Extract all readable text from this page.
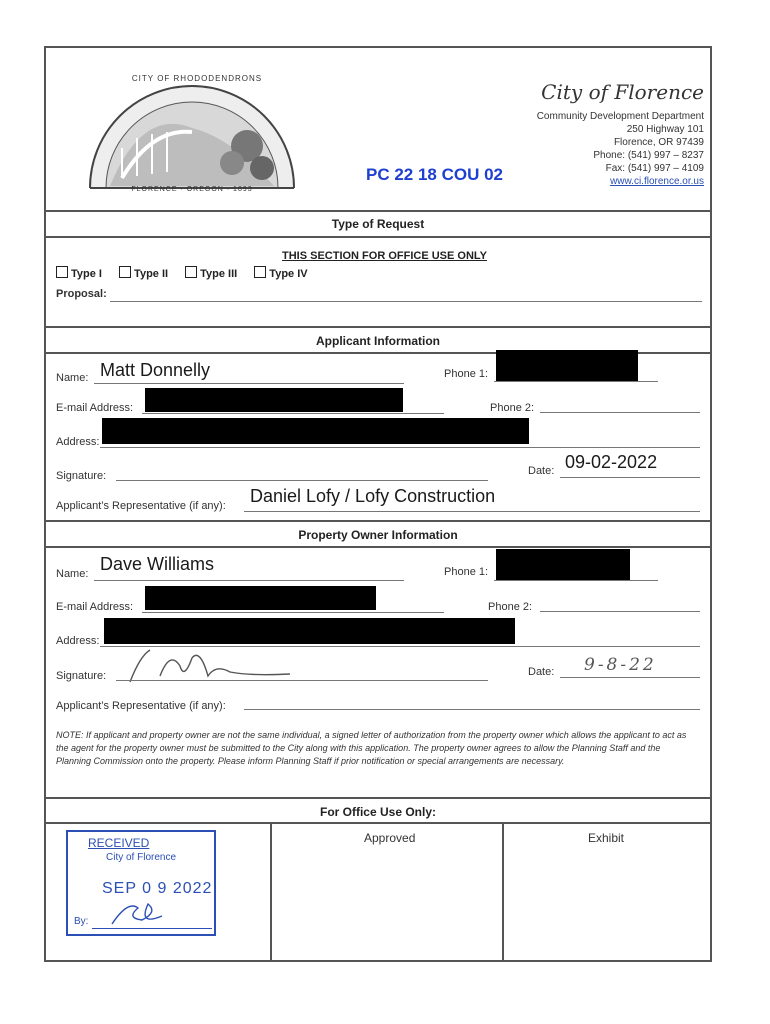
CITY OF RHODODENDRONS
FLORENCE · OREGON · 1893
PC 22 18 COU 02
City of Florence
Community Development Department
250 Highway 101
Florence, OR 97439
Phone: (541) 997 – 8237
Fax: (541) 997 – 4109
www.ci.florence.or.us
Type of Request
THIS SECTION FOR OFFICE USE ONLY
Type I	Type II	Type III	Type IV
Proposal:
Applicant Information
Name: Matt Donnelly	Phone 1:
E-mail Address:	Phone 2:
Address:
Signature:	Date: 09-02-2022
Applicant’s Representative (if any): Daniel Lofy / Lofy Construction
Property Owner Information
Name: Dave Williams	Phone 1:
E-mail Address:	Phone 2:
Address:
Signature:	Date: 9-8-22
Applicant’s Representative (if any):
NOTE: If applicant and property owner are not the same individual, a signed letter of authorization from the property owner which allows the applicant to act as the agent for the property owner must be submitted to the City along with this application. The property owner agrees to allow the Planning Staff and the Planning Commission onto the property. Please inform Planning Staff if prior notification or special arrangements are necessary.
For Office Use Only:
Approved	Exhibit
RECEIVED
City of Florence
SEP 0 9 2022
By:
